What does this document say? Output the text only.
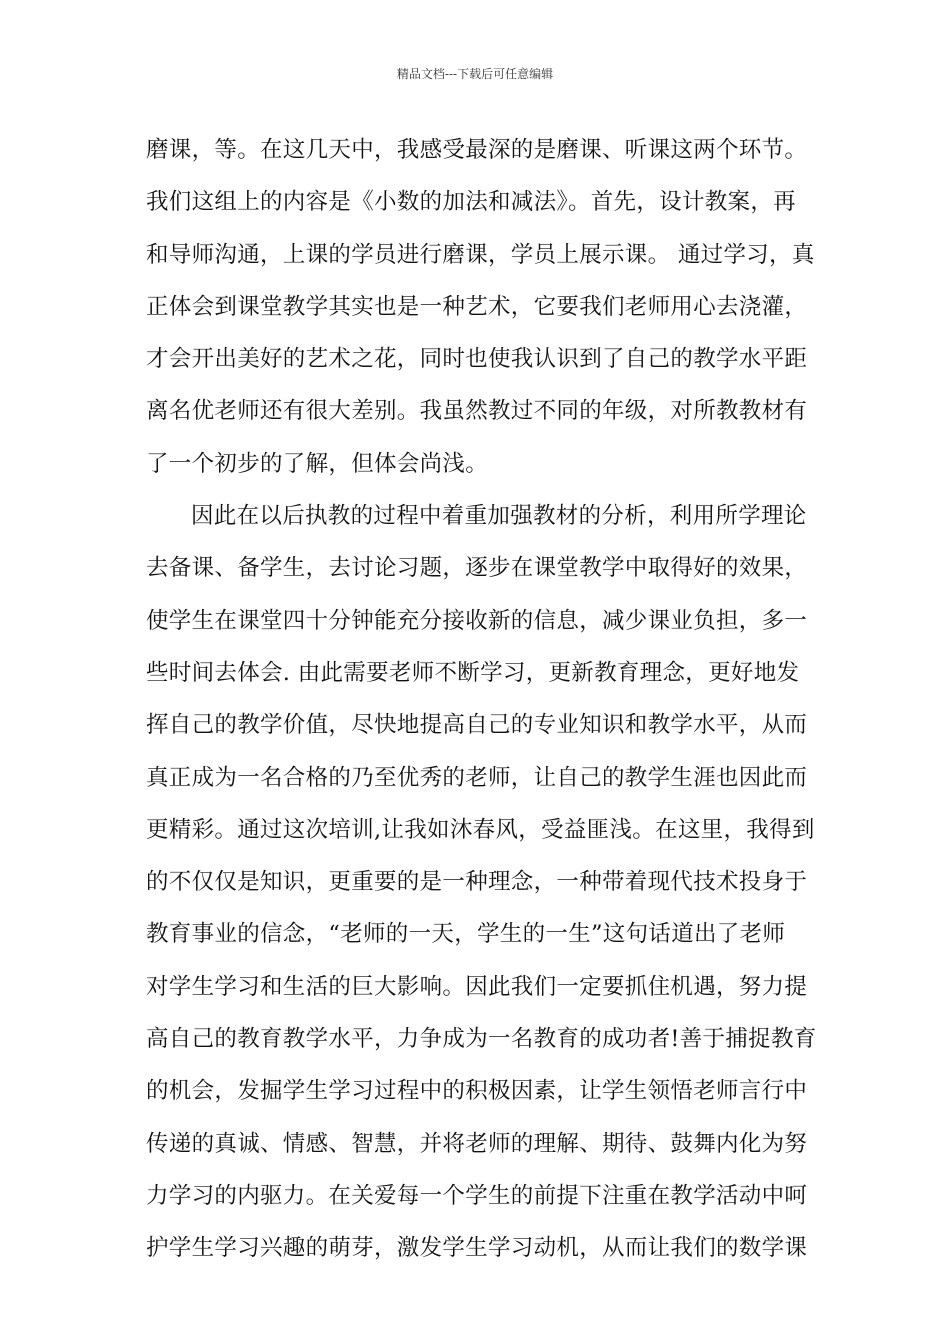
精品文档---下载后可任意编辑
磨课，等。在这几天中，我感受最深的是磨课、听课这两个环节。
我们这组上的内容是《小数的加法和减法》。首先，设计教案，再
和导师沟通，上课的学员进行磨课，学员上展示课。 通过学习，真
正体会到课堂教学其实也是一种艺术，它要我们老师用心去浇灌，
才会开出美好的艺术之花，同时也使我认识到了自己的教学水平距
离名优老师还有很大差别。我虽然教过不同的年级，对所教教材有
了一个初步的了解，但体会尚浅。
因此在以后执教的过程中着重加强教材的分析，利用所学理论
去备课、备学生，去讨论习题，逐步在课堂教学中取得好的效果，
使学生在课堂四十分钟能充分接收新的信息，减少课业负担，多一
些时间去体会. 由此需要老师不断学习，更新教育理念，更好地发
挥自己的教学价值，尽快地提高自己的专业知识和教学水平，从而
真正成为一名合格的乃至优秀的老师，让自己的教学生涯也因此而
更精彩。通过这次培训,让我如沐春风，受益匪浅。在这里，我得到
的不仅仅是知识，更重要的是一种理念，一种带着现代技术投身于
教育事业的信念，“老师的一天，学生的一生”这句话道出了老师
对学生学习和生活的巨大影响。因此我们一定要抓住机遇，努力提
高自己的教育教学水平，力争成为一名教育的成功者!善于捕捉教育
的机会，发掘学生学习过程中的积极因素，让学生领悟老师言行中
传递的真诚、情感、智慧，并将老师的理解、期待、鼓舞内化为努
力学习的内驱力。在关爱每一个学生的前提下注重在教学活动中呵
护学生学习兴趣的萌芽，激发学生学习动机，从而让我们的数学课
